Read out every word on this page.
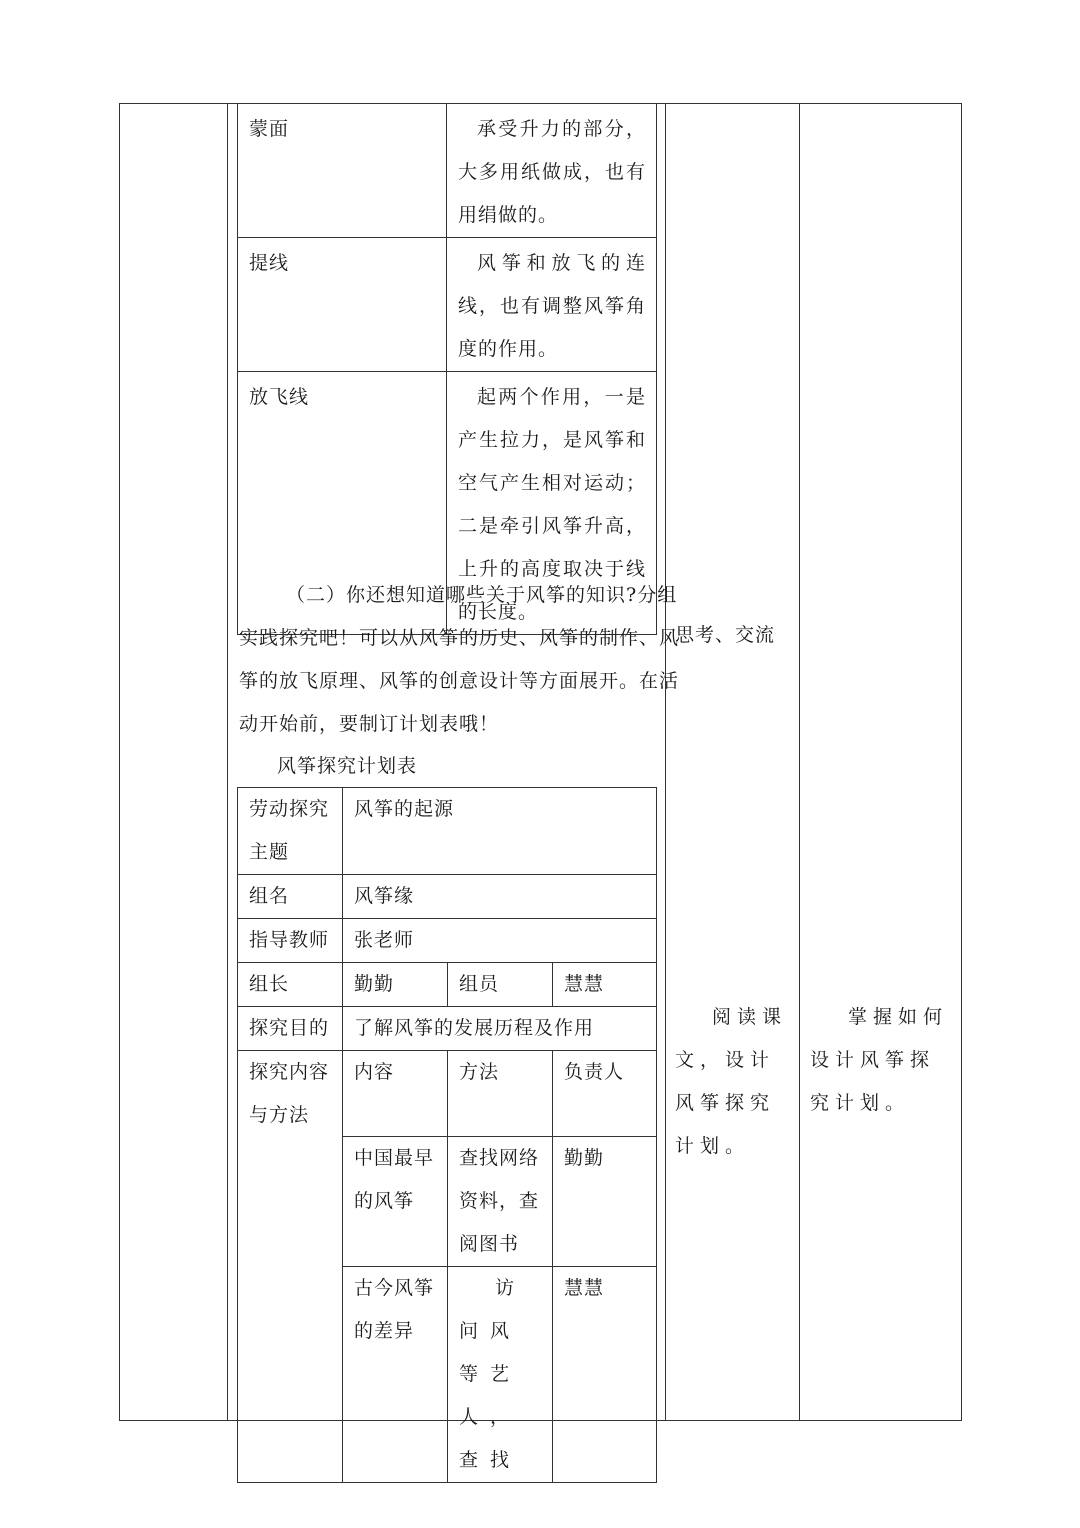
蒙面	承受升力的部分，大多用纸做成，也有用绢做的。
提线	风筝和放飞的连线，也有调整风筝角度的作用。
放飞线	起两个作用，一是产生拉力，是风筝和空气产生相对运动；二是牵引风筝升高，上升的高度取决于线的长度。
（二）你还想知道哪些关于风筝的知识?分组
实践探究吧！可以从风筝的历史、风筝的制作、风
筝的放飞原理、风筝的创意设计等方面展开。在活
动开始前，要制订计划表哦！
风筝探究计划表
劳动探究主题	风筝的起源		
组名	风筝缘		
指导教师	张老师		
组长	勤勤	组员	慧慧
探究目的	了解风筝的发展历程及作用		
探究内容与方法	内容	方法	负责人
	中国最早的风筝	查找网络资料，查阅图书	勤勤
	古今风筝的差异	访问风等艺人，查找	慧慧
思考、交流
阅读课文，设计风筝探究计划。
掌握如何设计风筝探究计划。
